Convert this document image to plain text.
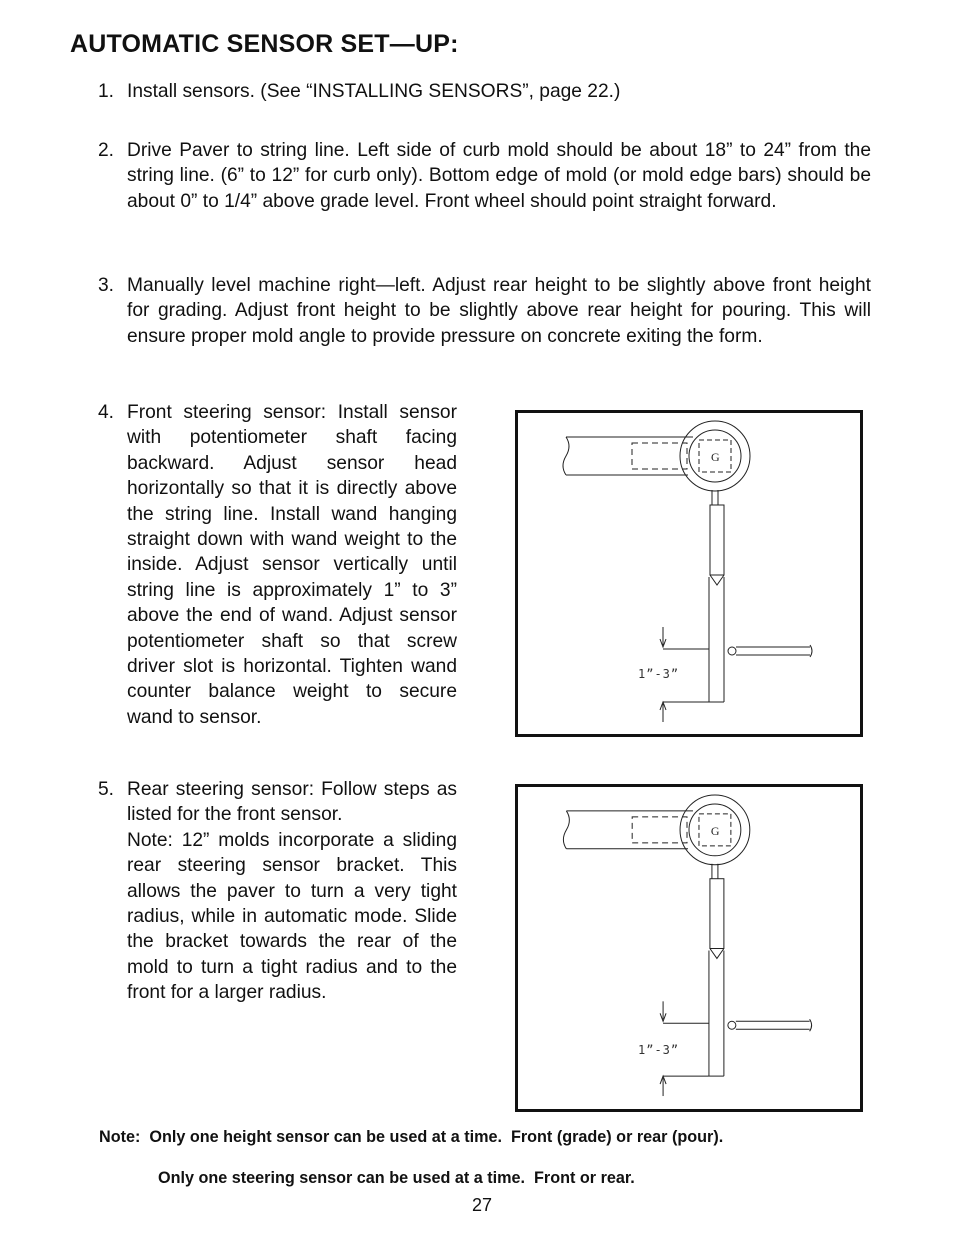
AUTOMATIC SENSOR SET—UP:
1. Install sensors. (See “INSTALLING SENSORS”, page 22.)

2. Drive Paver to string line. Left side of curb mold should be about 18” to 24” from the string line. (6” to 12” for curb only). Bottom edge of mold (or mold edge bars) should be about 0” to 1/4” above grade level. Front wheel should point straight forward.

3. Manually level machine right—left. Adjust rear height to be slightly above front height for grading. Adjust front height to be slightly above rear height for pouring. This will ensure proper mold angle to provide pressure on concrete exiting the form.

4. Front steering sensor: Install sensor with potentiometer shaft facing backward. Adjust sensor head horizontally so that it is directly above the string line. Install wand hanging straight down with wand weight to the inside. Adjust sensor vertically until string line is approximately 1” to 3” above the end of wand. Adjust sensor potentiometer shaft so that screw driver slot is horizontal. Tighten wand counter balance weight to secure wand to sensor.

5. Rear steering sensor: Follow steps as listed for the front sensor.

Note: 12” molds incorporate a sliding rear steering sensor bracket. This allows the paver to turn a very tight radius, while in automatic mode. Slide the bracket towards the rear of the mold to turn a tight radius and to the front for a larger radius.

G
1”-3”
G
1”-3”
Note:  Only one height sensor can be used at a time.  Front (grade) or rear (pour).
Only one steering sensor can be used at a time.  Front or rear.
27
